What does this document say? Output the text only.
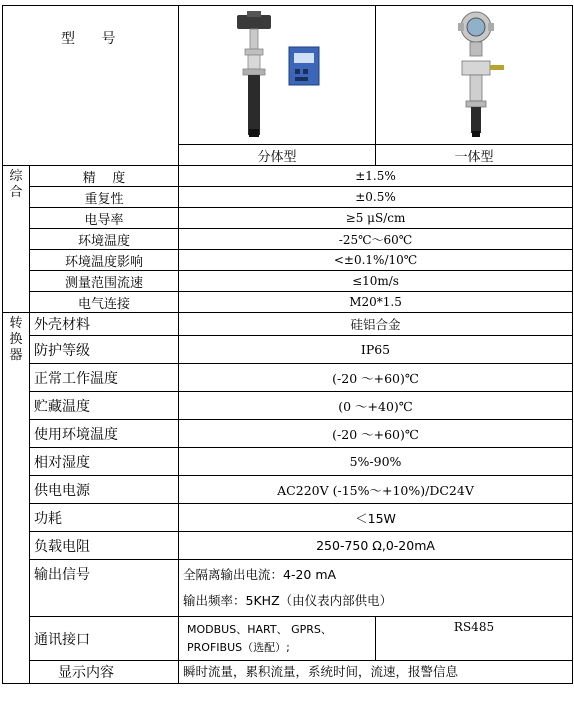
型 号

		分体型	一体型
综合	精    度	±1.5%	
	重复性	±0.5%	
	电导率	≥5 μS/cm	
	环境温度	-25℃～60℃	
	环境温度影响	<±0.1%/10℃	
	测量范围流速	≤10m/s	
	电气连接	M20*1.5	
转换器	外壳材料	硅铝合金	
	防护等级	IP65	
	正常工作温度	(-20 ～+60)℃	
	贮藏温度	(0 ～+40)℃	
	使用环境温度	(-20 ～+60)℃	
	相对湿度	5%-90%	
	供电电源	AC220V (-15%～+10%)/DC24V	
	功耗	＜15W	
	负载电阻	250-750 Ω,0-20mA	
	输出信号	全隔离输出电流：4-20 mA
输出频率：5KHZ（由仪表内部供电）	

	通讯接口	MODBUS、HART、 GPRS、
PROFIBUS（选配）;	RS485
	显示内容	瞬时流量，累积流量，系统时间，流速，报警信息	
